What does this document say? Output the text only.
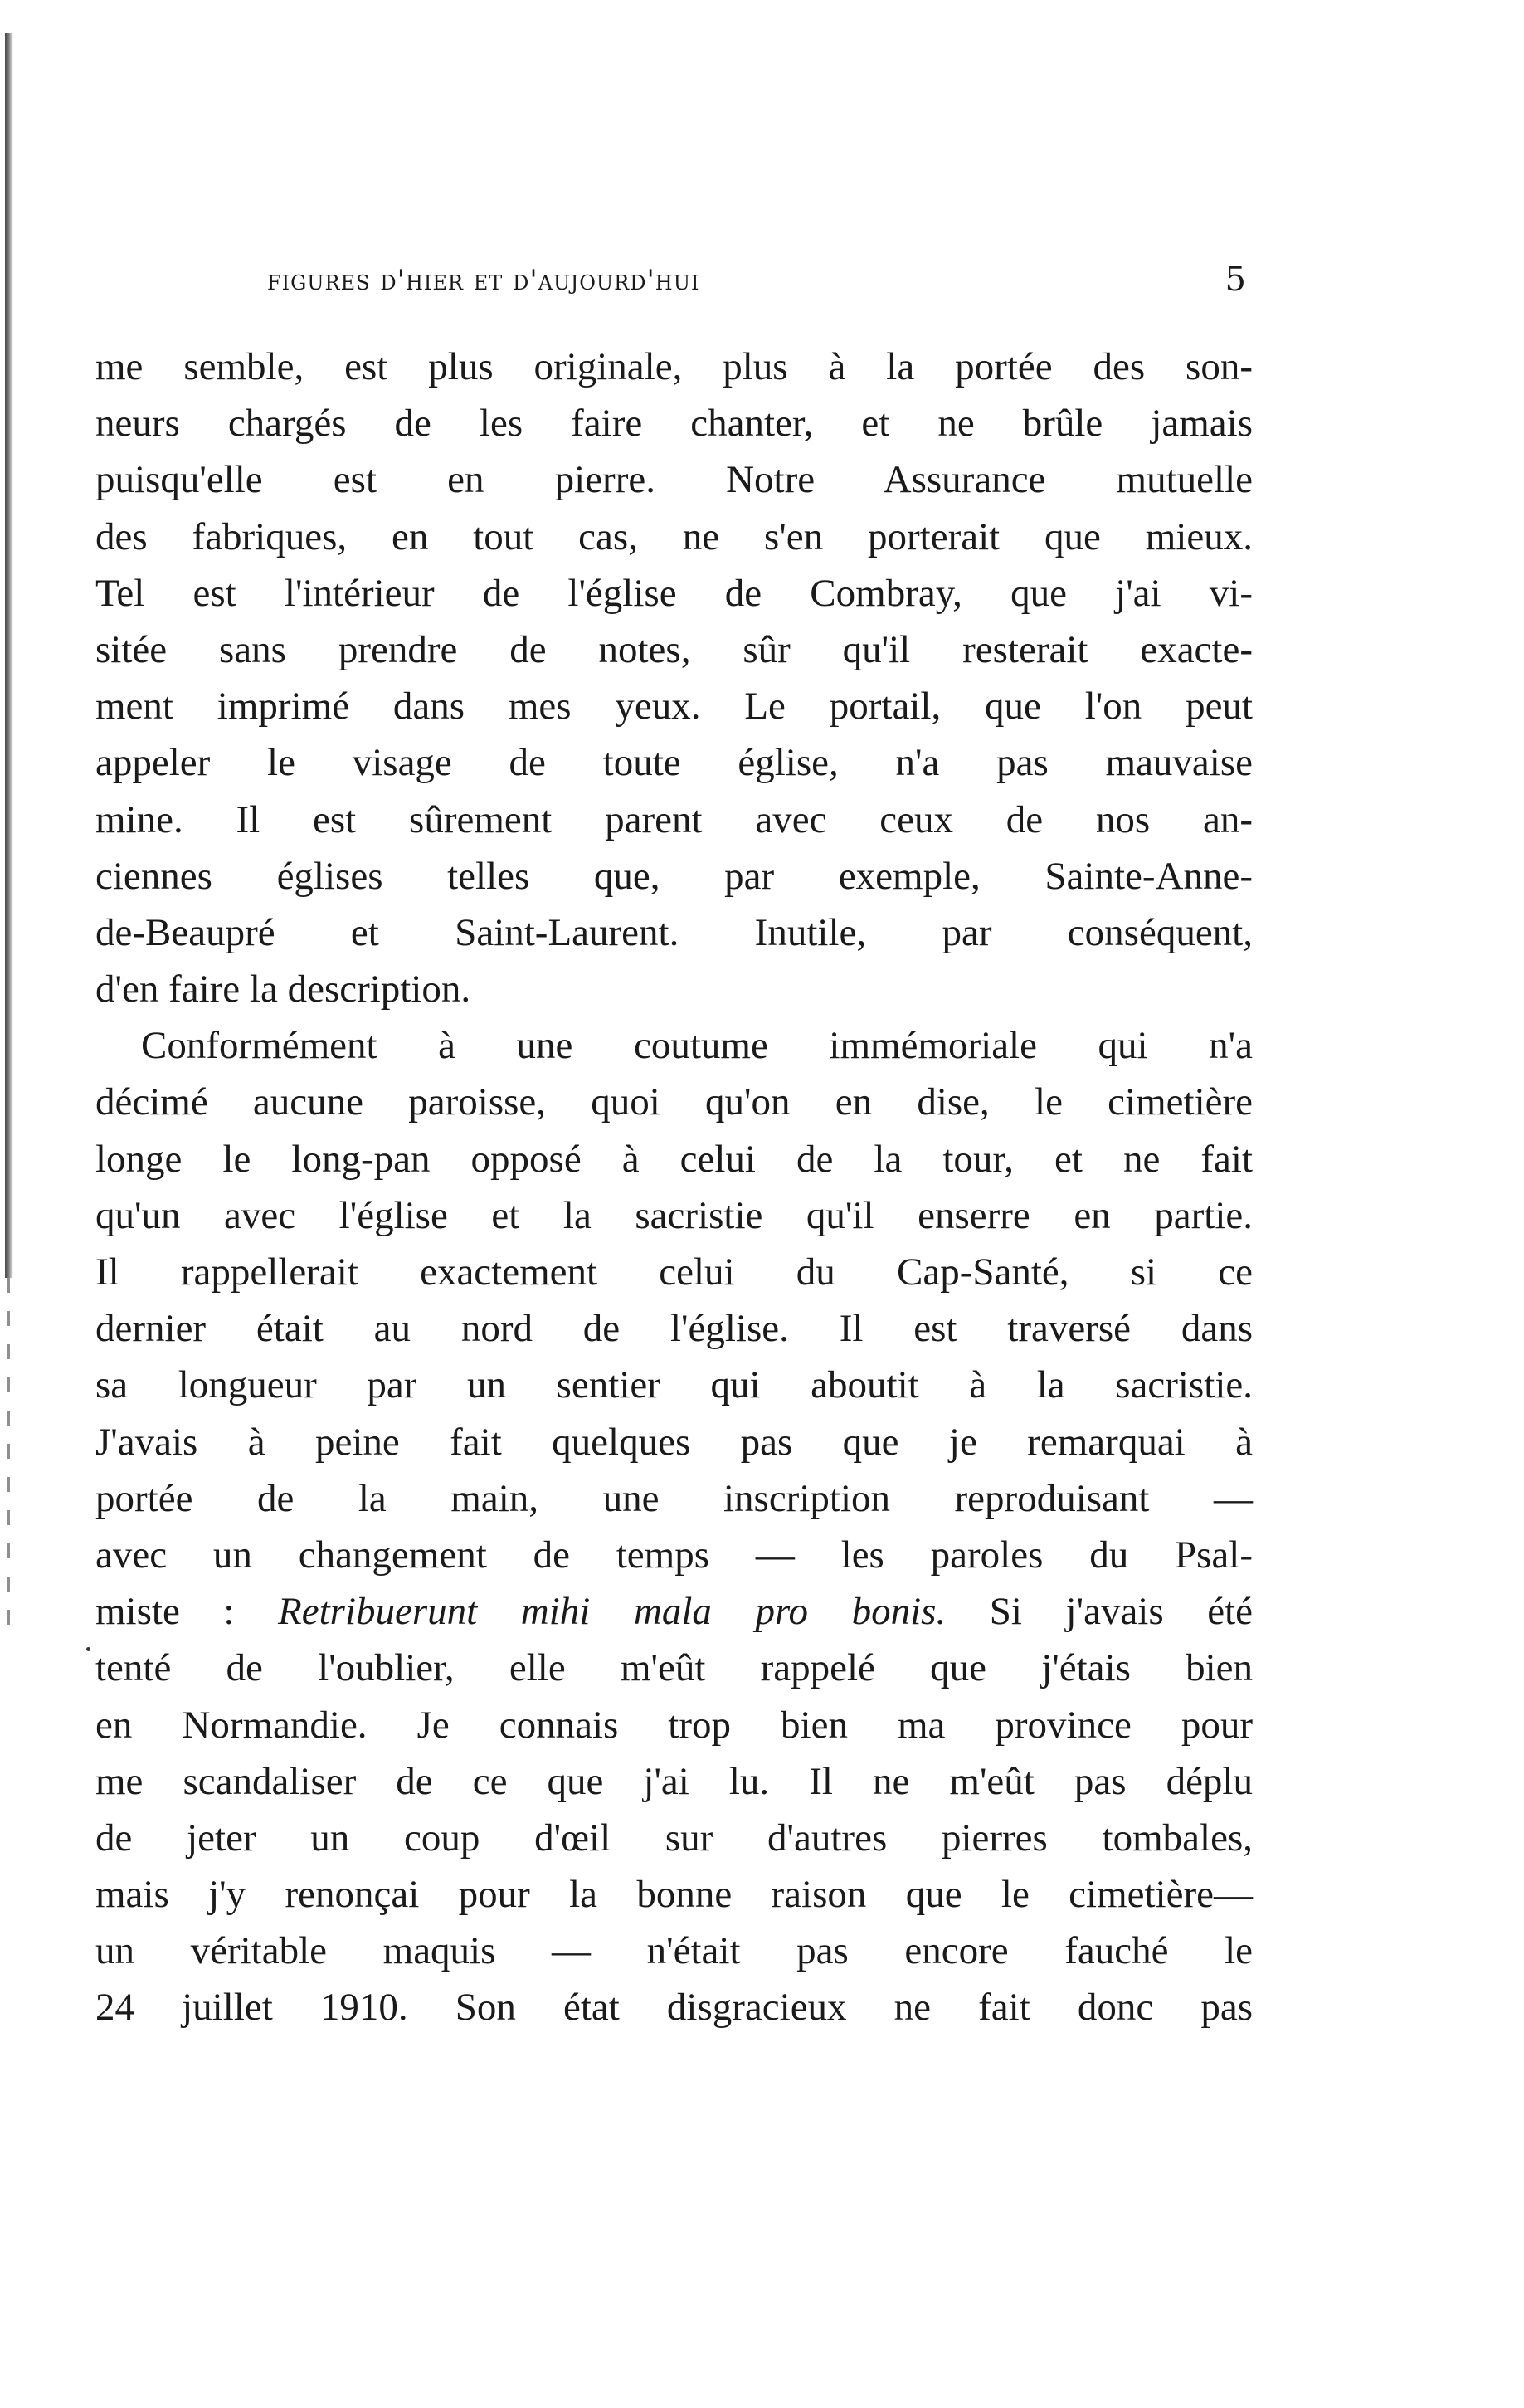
figures d'hier et d'aujourd'hui	5
me semble, est plus originale, plus à la portée des son-
neurs chargés de les faire chanter, et ne brûle jamais
puisqu'elle est en pierre. Notre Assurance mutuelle
des fabriques, en tout cas, ne s'en porterait que mieux.
Tel est l'intérieur de l'église de Combray, que j'ai vi-
sitée sans prendre de notes, sûr qu'il resterait exacte-
ment imprimé dans mes yeux. Le portail, que l'on peut
appeler le visage de toute église, n'a pas mauvaise
mine. Il est sûrement parent avec ceux de nos an-
ciennes églises telles que, par exemple, Sainte-Anne-
de-Beaupré et Saint-Laurent. Inutile, par conséquent,
d'en faire la description.
Conformément à une coutume immémoriale qui n'a
décimé aucune paroisse, quoi qu'on en dise, le cimetière
longe le long-pan opposé à celui de la tour, et ne fait
qu'un avec l'église et la sacristie qu'il enserre en partie.
Il rappellerait exactement celui du Cap-Santé, si ce
dernier était au nord de l'église. Il est traversé dans
sa longueur par un sentier qui aboutit à la sacristie.
J'avais à peine fait quelques pas que je remarquai à
portée de la main, une inscription reproduisant —
avec un changement de temps — les paroles du Psal-
miste : Retribuerunt mihi mala pro bonis. Si j'avais été
tenté de l'oublier, elle m'eût rappelé que j'étais bien
en Normandie. Je connais trop bien ma province pour
me scandaliser de ce que j'ai lu. Il ne m'eût pas déplu
de jeter un coup d'œil sur d'autres pierres tombales,
mais j'y renonçai pour la bonne raison que le cimetière—
un véritable maquis — n'était pas encore fauché le
24 juillet 1910. Son état disgracieux ne fait donc pas
